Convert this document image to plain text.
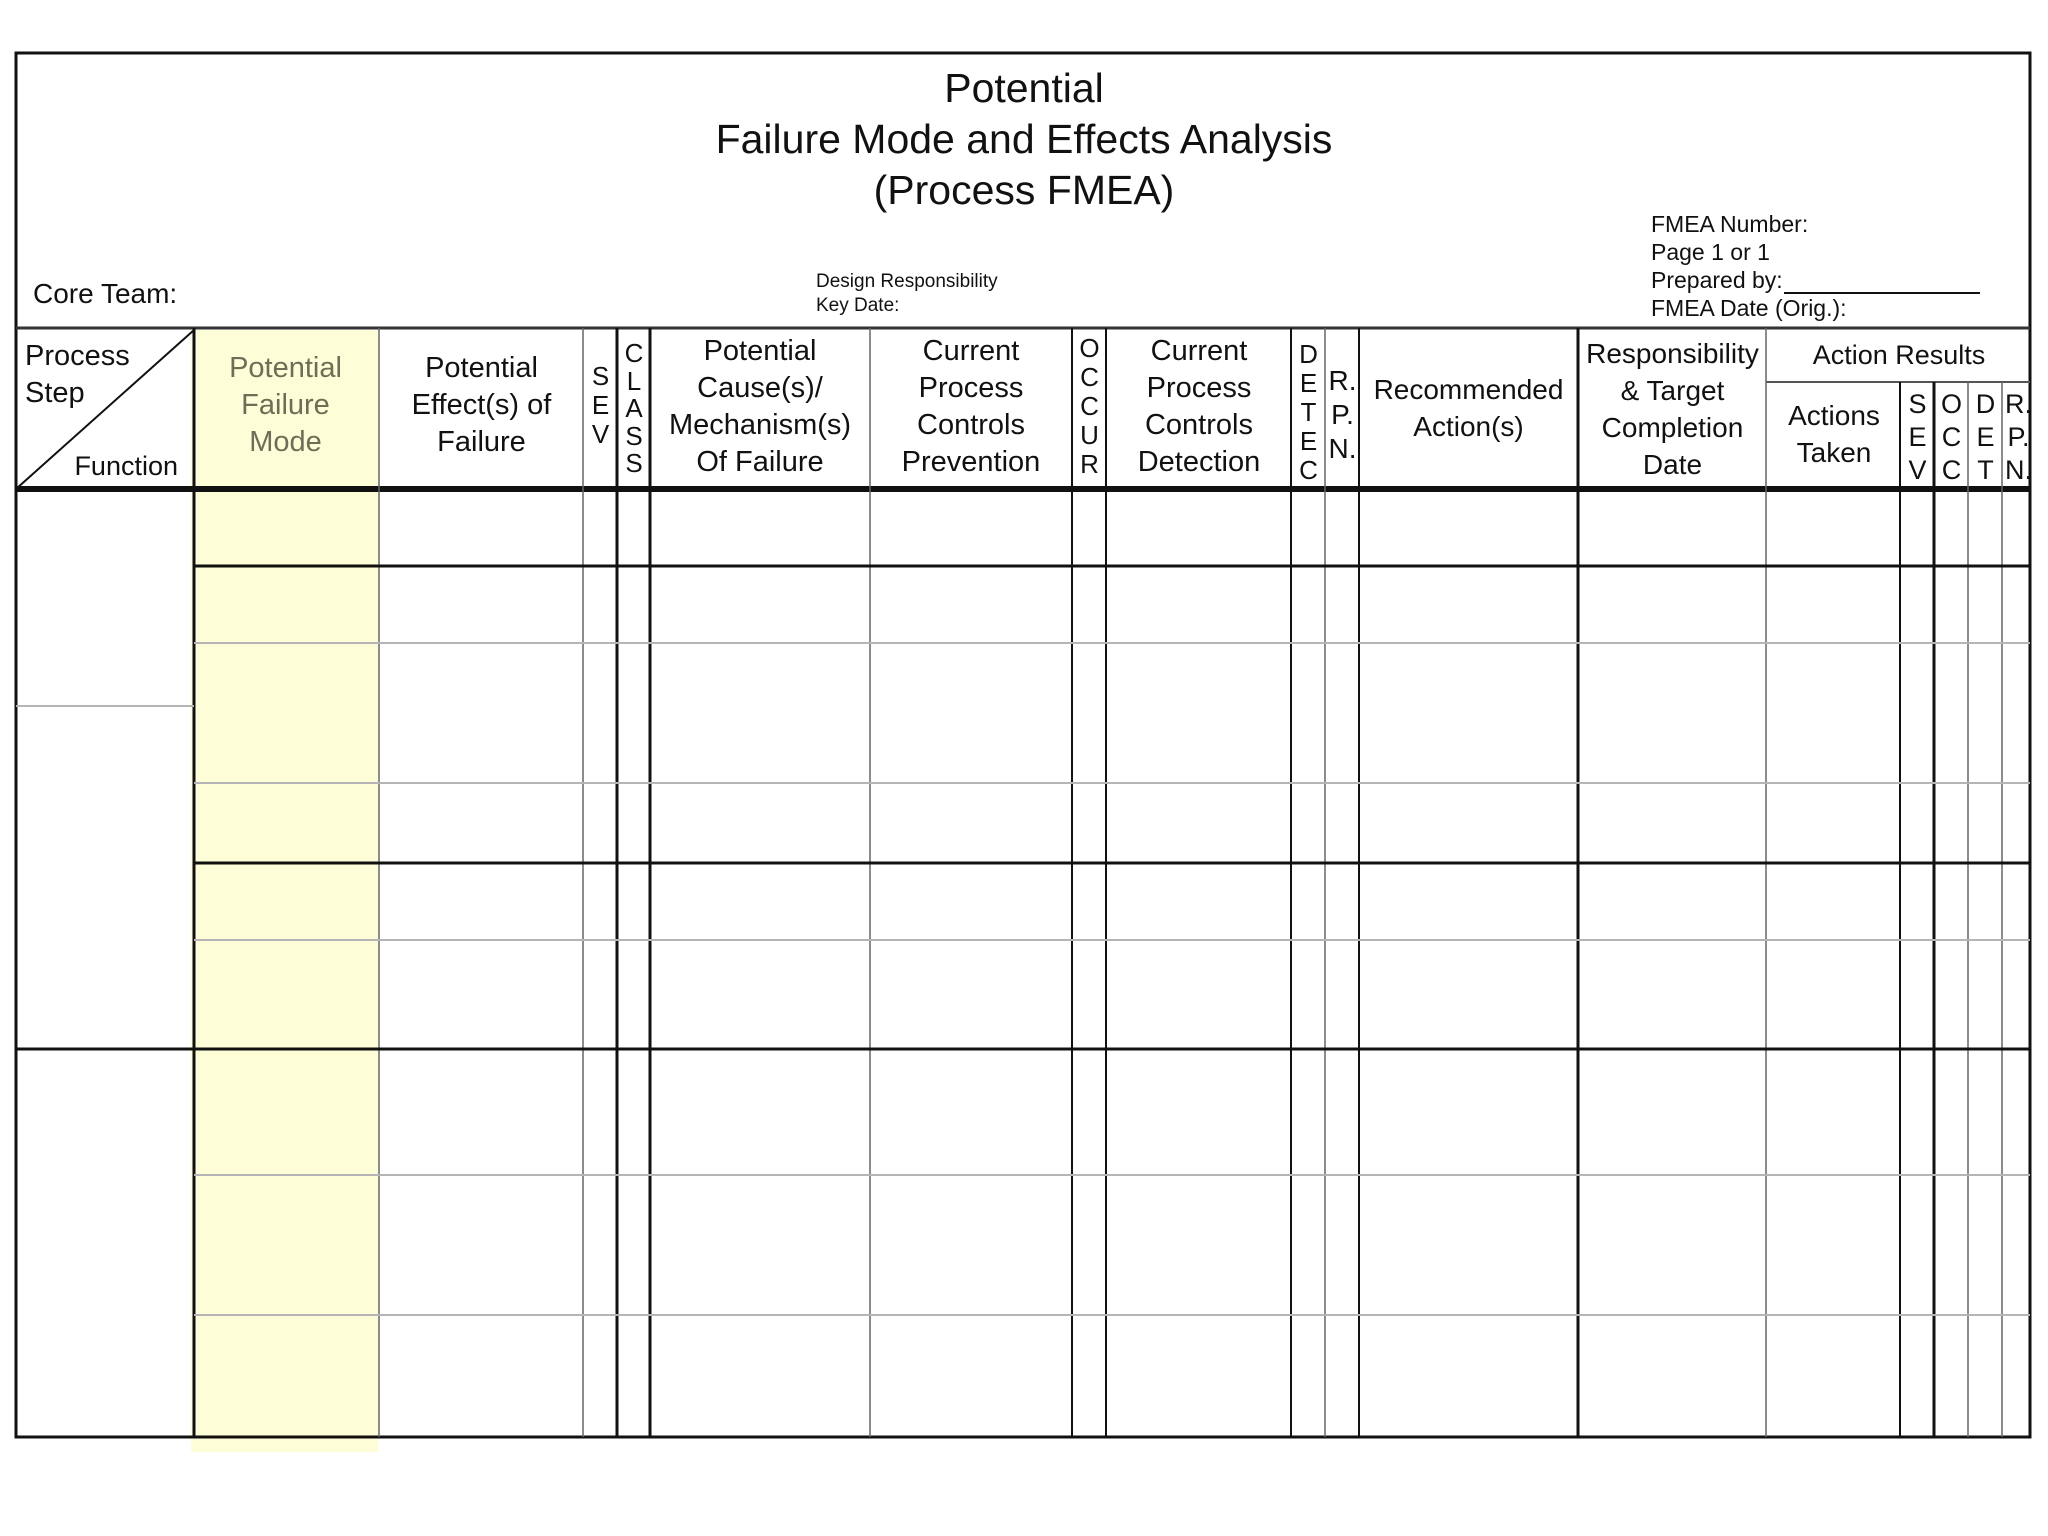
Potential
Failure Mode and Effects Analysis
(Process FMEA)
Core Team:	Design Responsibility
Key Date:
FMEA Number:
Page 1 or 1
Prepared by:
FMEA Date (Orig.):
Process
Step
Function
Potential
Failure
Mode
Potential
Effect(s) of
Failure
S
E
V
C
L
A
S
S
Potential
Cause(s)/
Mechanism(s)
Of Failure
Current
Process
Controls
Prevention
O
C
C
U
R
Current
Process
Controls
Detection
D
E
T
E
C
R.
P.
N.
Recommended
Action(s)
Responsibility
& Target
Completion
Date
Action Results
Actions
Taken
S
E
V
O
C
C
D
E
T
R.
P.
N.
